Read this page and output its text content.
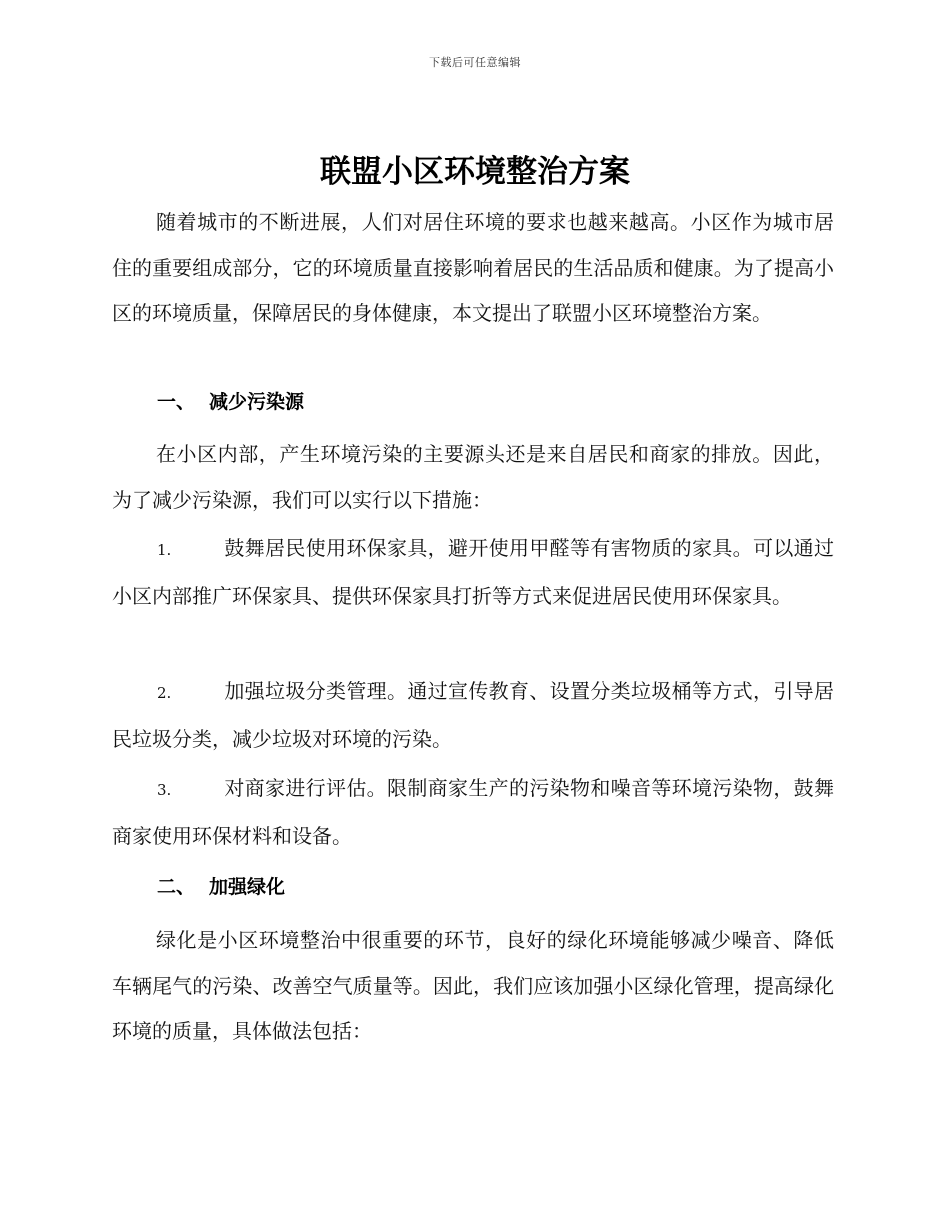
下载后可任意编辑
联盟小区环境整治方案

随着城市的不断进展，人们对居住环境的要求也越来越高。小区作为城市居住的重要组成部分，它的环境质量直接影响着居民的生活品质和健康。为了提高小区的环境质量，保障居民的身体健康，本文提出了联盟小区环境整治方案。

一、 减少污染源

在小区内部，产生环境污染的主要源头还是来自居民和商家的排放。因此，为了减少污染源，我们可以实行以下措施：

1.	鼓舞居民使用环保家具，避开使用甲醛等有害物质的家具。可以通过小区内部推广环保家具、提供环保家具打折等方式来促进居民使用环保家具。

2.	加强垃圾分类管理。通过宣传教育、设置分类垃圾桶等方式，引导居民垃圾分类，减少垃圾对环境的污染。

3.	对商家进行评估。限制商家生产的污染物和噪音等环境污染物，鼓舞商家使用环保材料和设备。

二、 加强绿化

绿化是小区环境整治中很重要的环节，良好的绿化环境能够减少噪音、降低车辆尾气的污染、改善空气质量等。因此，我们应该加强小区绿化管理，提高绿化环境的质量，具体做法包括：
